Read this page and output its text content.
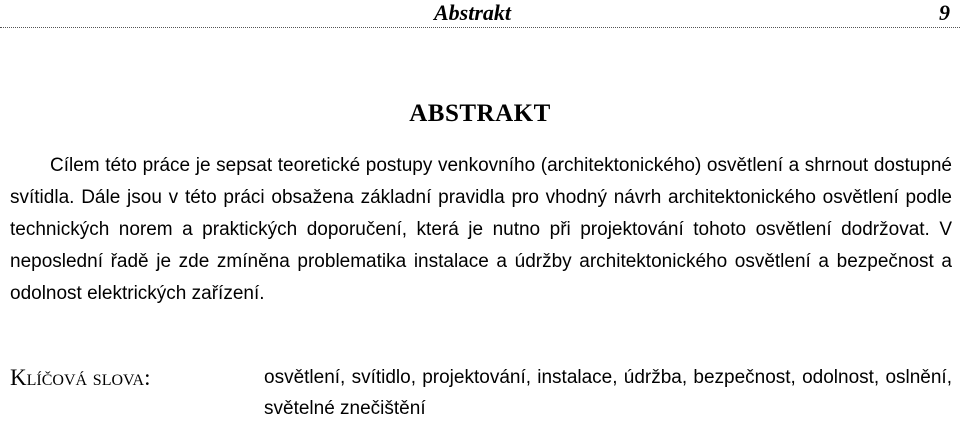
Abstrakt	9
ABSTRAKT

Cílem této práce je sepsat teoretické postupy venkovního (architektonického) osvětlení a shrnout dostupné svítidla. Dále jsou v této práci obsažena základní pravidla pro vhodný návrh architektonického osvětlení podle technických norem a praktických doporučení, která je nutno při projektování tohoto osvětlení dodržovat. V neposlední řadě je zde zmíněna problematika instalace a údržby architektonického osvětlení a bezpečnost a odolnost elektrických zařízení.

Klíčová slova:	osvětlení, svítidlo, projektování, instalace, údržba, bezpečnost, odolnost, oslnění, světelné znečištění
